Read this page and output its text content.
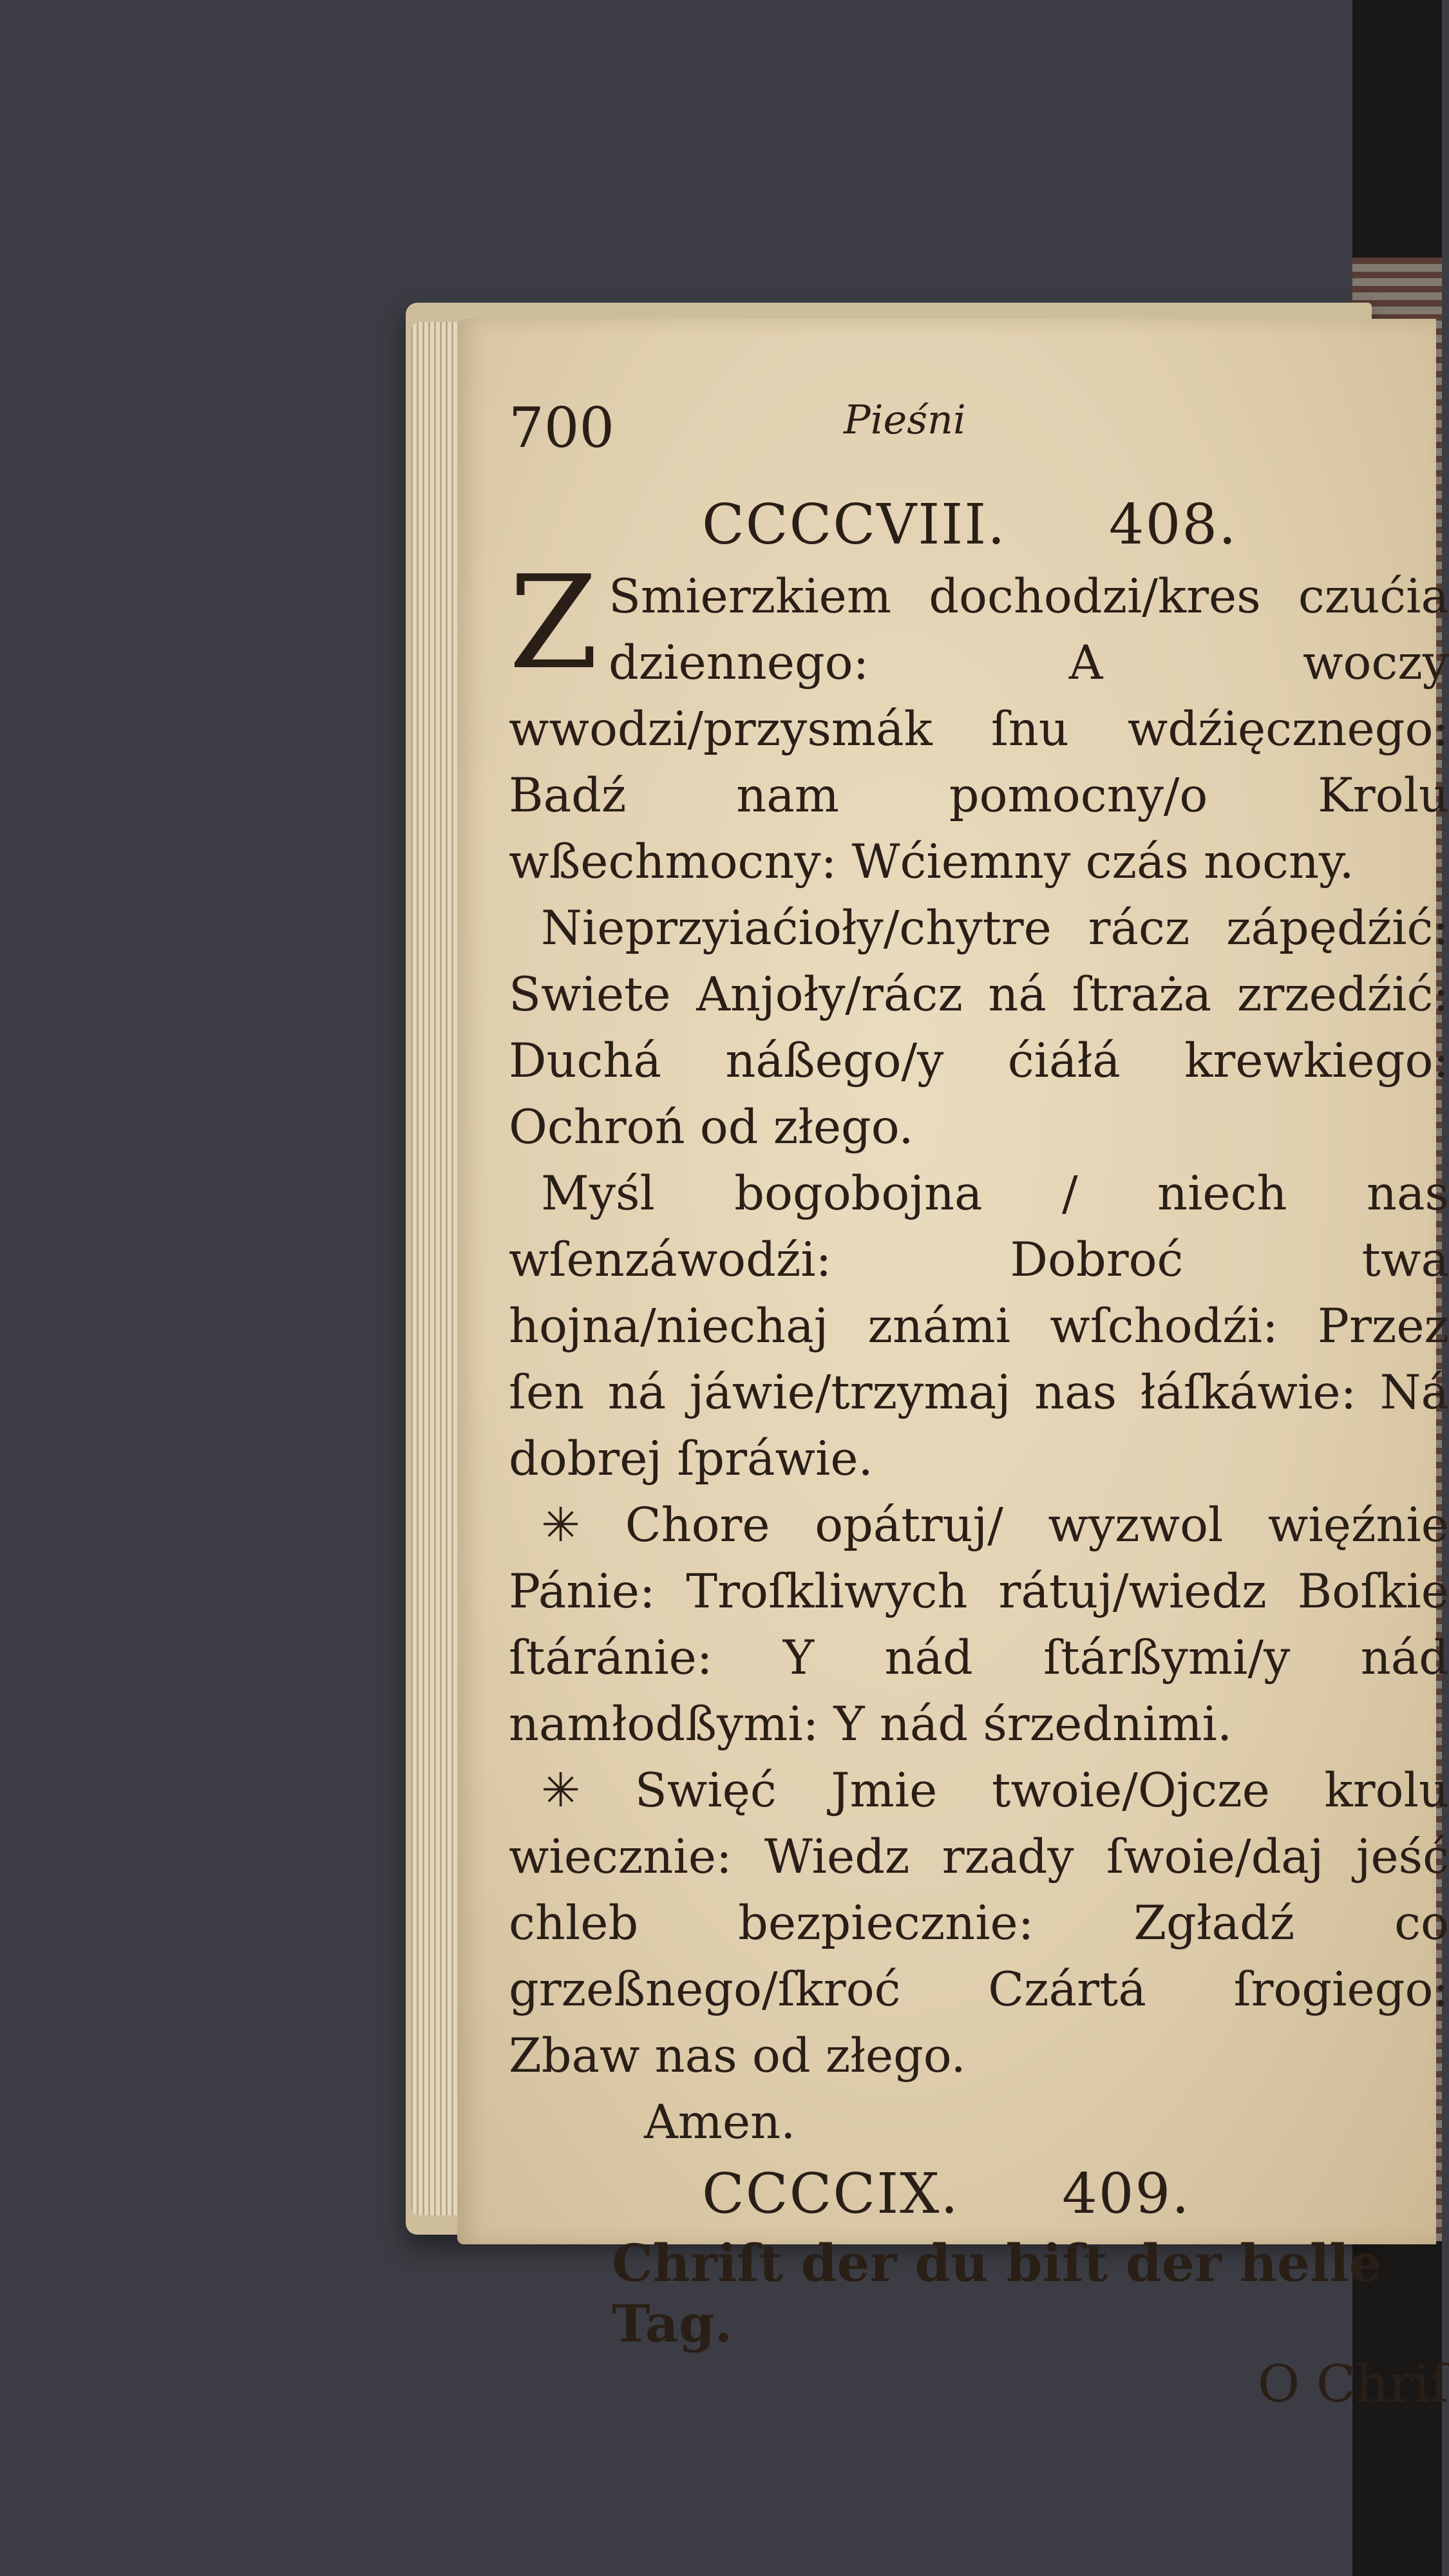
700	Pieśni
CCCCVIII. 408.

ZSmierzkiem dochodzi/kres czućia dziennego: A woczy wwodzi/przysmák ſnu wdźięcznego: Badź nam pomocny/o Krolu wßechmocny: Wćiemny czás nocny.

Nieprzyiaćioły/chytre rácz zápędźić: Swiete Anjoły/rácz ná ſtraża zrzedźić: Duchá náßego/y ćiáłá krewkiego: Ochroń od złego.

Myśl bogobojna / niech nas wſenzáwodźi: Dobroć twa hojna/niechaj známi wſchodźi: Przez ſen ná jáwie/trzymaj nas łáſkáwie: Ná dobrej ſpráwie.

✳ Chore opátruj/ wyzwol więźnie Pánie: Troſkliwych rátuj/wiedz Boſkie ſtáránie: Y nád ſtárßymi/y nád namłodßymi: Y nád śrzednimi.

✳ Swięć Jmie twoie/Ojcze krolu wiecznie: Wiedz rzady ſwoie/daj jeść chleb bezpiecznie: Zgładź co grzeßnego/ſkroć Czártá ſrogiego: Zbaw nas od złego.

Amen.

CCCCIX. 409.

Chriſt der du biſt der helle Tag.

O Chriſ
